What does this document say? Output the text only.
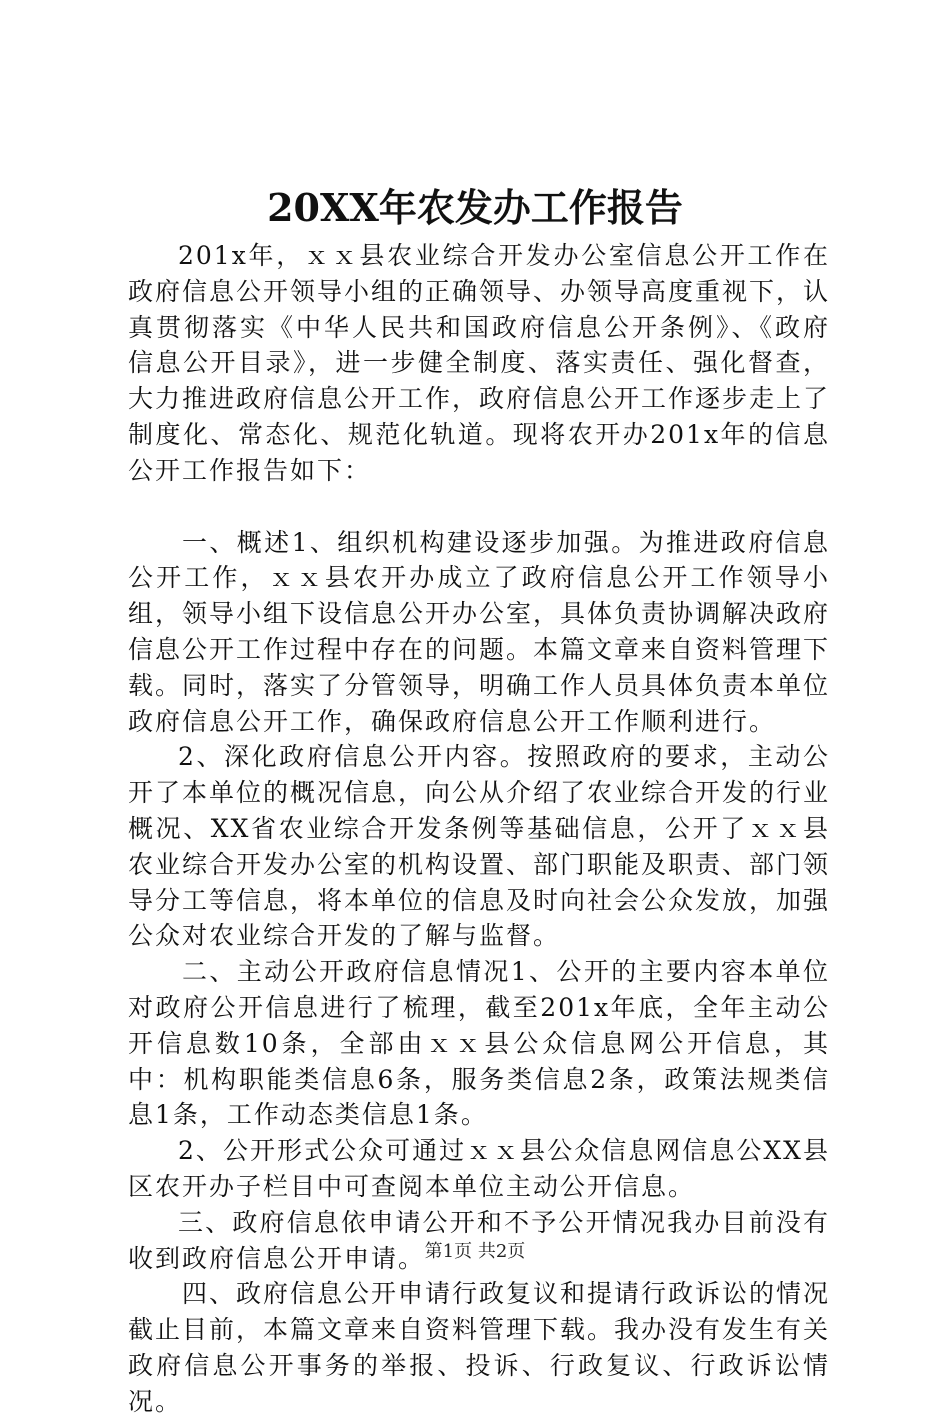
20XX年农发办工作报告

201x年，ｘｘ县农业综合开发办公室信息公开工作在政府信息公开领导小组的正确领导、办领导高度重视下，认真贯彻落实《中华人民共和国政府信息公开条例》、《政府信息公开目录》，进一步健全制度、落实责任、强化督查，大力推进政府信息公开工作，政府信息公开工作逐步走上了制度化、常态化、规范化轨道。现将农开办201x年的信息公开工作报告如下：

一、概述1、组织机构建设逐步加强。为推进政府信息公开工作，ｘｘ县农开办成立了政府信息公开工作领导小组，领导小组下设信息公开办公室，具体负责协调解决政府信息公开工作过程中存在的问题。本篇文章来自资料管理下载。同时，落实了分管领导，明确工作人员具体负责本单位政府信息公开工作，确保政府信息公开工作顺利进行。

2、深化政府信息公开内容。按照政府的要求，主动公开了本单位的概况信息，向公从介绍了农业综合开发的行业概况、XX省农业综合开发条例等基础信息，公开了ｘｘ县农业综合开发办公室的机构设置、部门职能及职责、部门领导分工等信息，将本单位的信息及时向社会公众发放，加强公众对农业综合开发的了解与监督。

二、主动公开政府信息情况1、公开的主要内容本单位对政府公开信息进行了梳理，截至201x年底，全年主动公开信息数10条，全部由ｘｘ县公众信息网公开信息，其中：机构职能类信息6条，服务类信息2条，政策法规类信息1条，工作动态类信息1条。

2、公开形式公众可通过ｘｘ县公众信息网信息公XX县区农开办子栏目中可查阅本单位主动公开信息。

三、政府信息依申请公开和不予公开情况我办目前没有收到政府信息公开申请。

四、政府信息公开申请行政复议和提请行政诉讼的情况截止目前，本篇文章来自资料管理下载。我办没有发生有关政府信息公开事务的举报、投诉、行政复议、行政诉讼情况。

第1页 共2页
